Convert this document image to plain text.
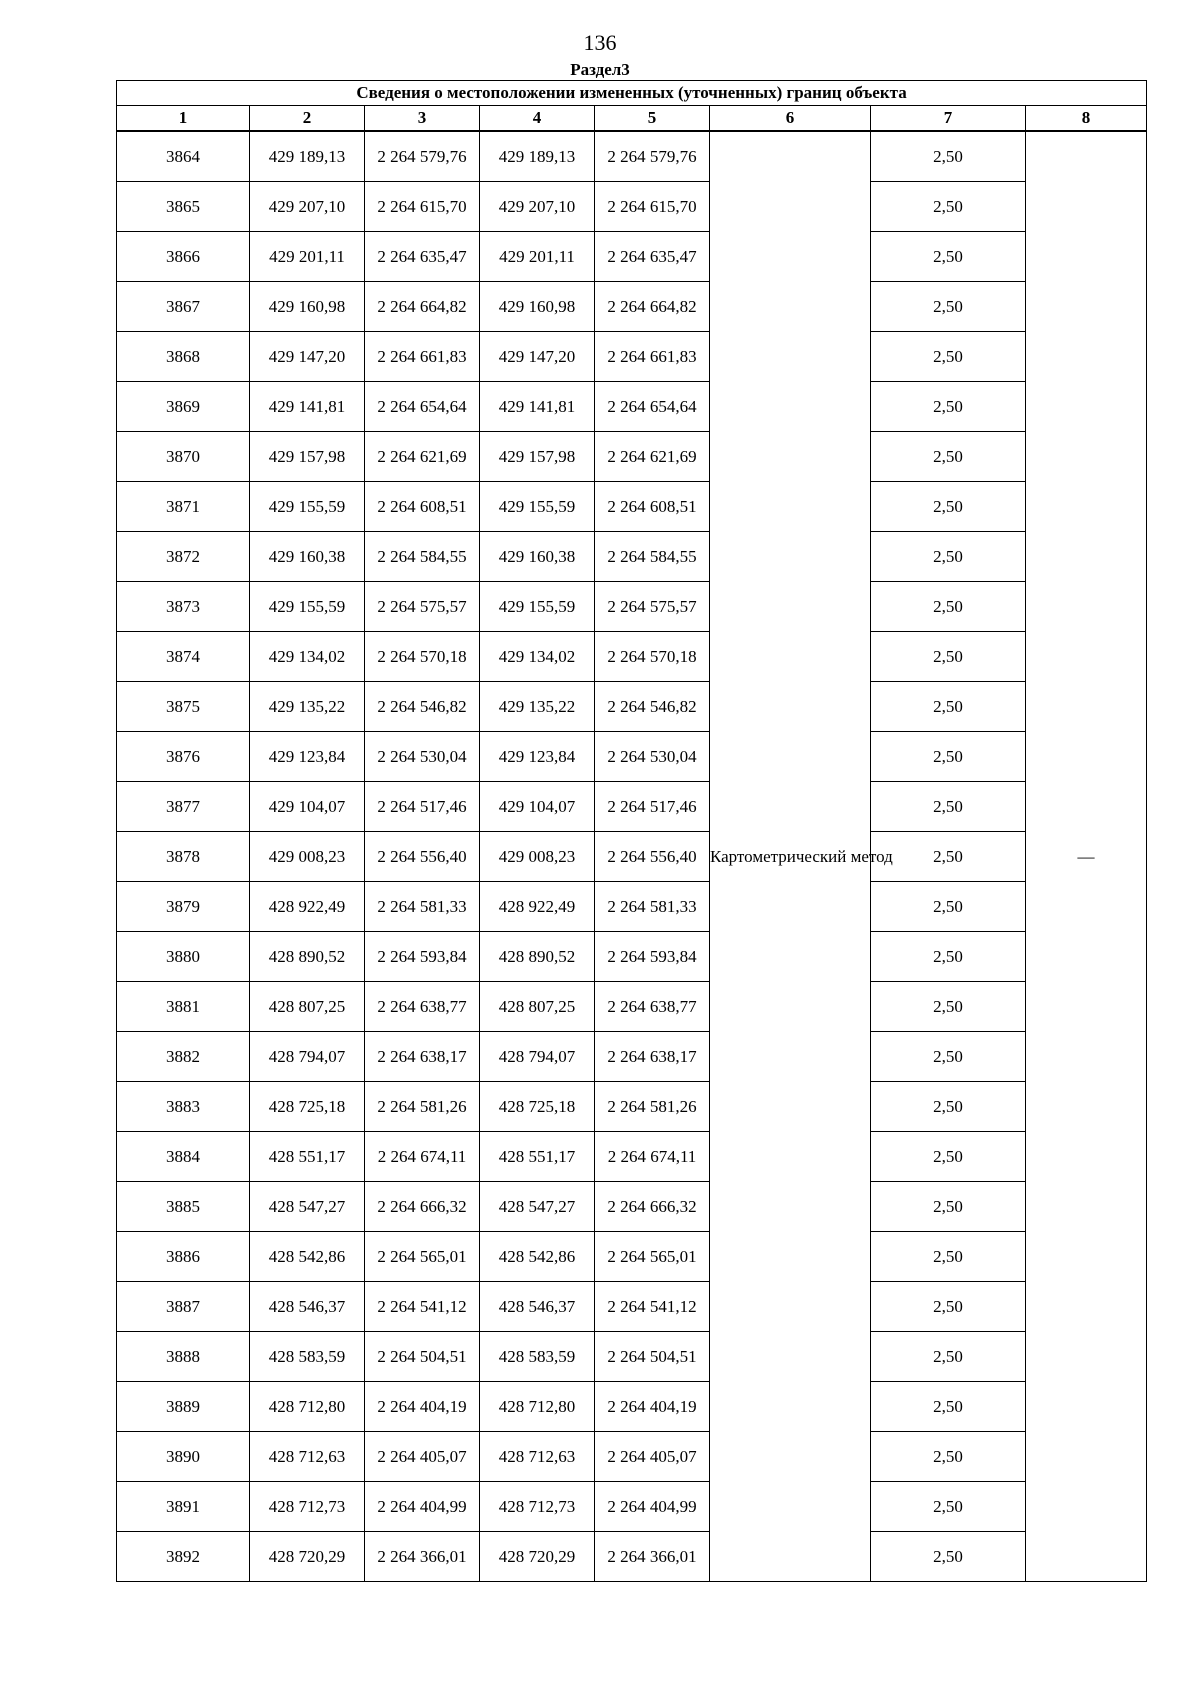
136
Раздел3
Сведения о местоположении измененных (уточненных) границ объекта							
1	2	3	4	5	6	7	8
3864	429 189,13	2 264 579,76	429 189,13	2 264 579,76	Картометрический метод	2,50	—
3865	429 207,10	2 264 615,70	429 207,10	2 264 615,70		2,50	
3866	429 201,11	2 264 635,47	429 201,11	2 264 635,47		2,50	
3867	429 160,98	2 264 664,82	429 160,98	2 264 664,82		2,50	
3868	429 147,20	2 264 661,83	429 147,20	2 264 661,83		2,50	
3869	429 141,81	2 264 654,64	429 141,81	2 264 654,64		2,50	
3870	429 157,98	2 264 621,69	429 157,98	2 264 621,69		2,50	
3871	429 155,59	2 264 608,51	429 155,59	2 264 608,51		2,50	
3872	429 160,38	2 264 584,55	429 160,38	2 264 584,55		2,50	
3873	429 155,59	2 264 575,57	429 155,59	2 264 575,57		2,50	
3874	429 134,02	2 264 570,18	429 134,02	2 264 570,18		2,50	
3875	429 135,22	2 264 546,82	429 135,22	2 264 546,82		2,50	
3876	429 123,84	2 264 530,04	429 123,84	2 264 530,04		2,50	
3877	429 104,07	2 264 517,46	429 104,07	2 264 517,46		2,50	
3878	429 008,23	2 264 556,40	429 008,23	2 264 556,40		2,50	
3879	428 922,49	2 264 581,33	428 922,49	2 264 581,33		2,50	
3880	428 890,52	2 264 593,84	428 890,52	2 264 593,84		2,50	
3881	428 807,25	2 264 638,77	428 807,25	2 264 638,77		2,50	
3882	428 794,07	2 264 638,17	428 794,07	2 264 638,17		2,50	
3883	428 725,18	2 264 581,26	428 725,18	2 264 581,26		2,50	
3884	428 551,17	2 264 674,11	428 551,17	2 264 674,11		2,50	
3885	428 547,27	2 264 666,32	428 547,27	2 264 666,32		2,50	
3886	428 542,86	2 264 565,01	428 542,86	2 264 565,01		2,50	
3887	428 546,37	2 264 541,12	428 546,37	2 264 541,12		2,50	
3888	428 583,59	2 264 504,51	428 583,59	2 264 504,51		2,50	
3889	428 712,80	2 264 404,19	428 712,80	2 264 404,19		2,50	
3890	428 712,63	2 264 405,07	428 712,63	2 264 405,07		2,50	
3891	428 712,73	2 264 404,99	428 712,73	2 264 404,99		2,50	
3892	428 720,29	2 264 366,01	428 720,29	2 264 366,01		2,50	
